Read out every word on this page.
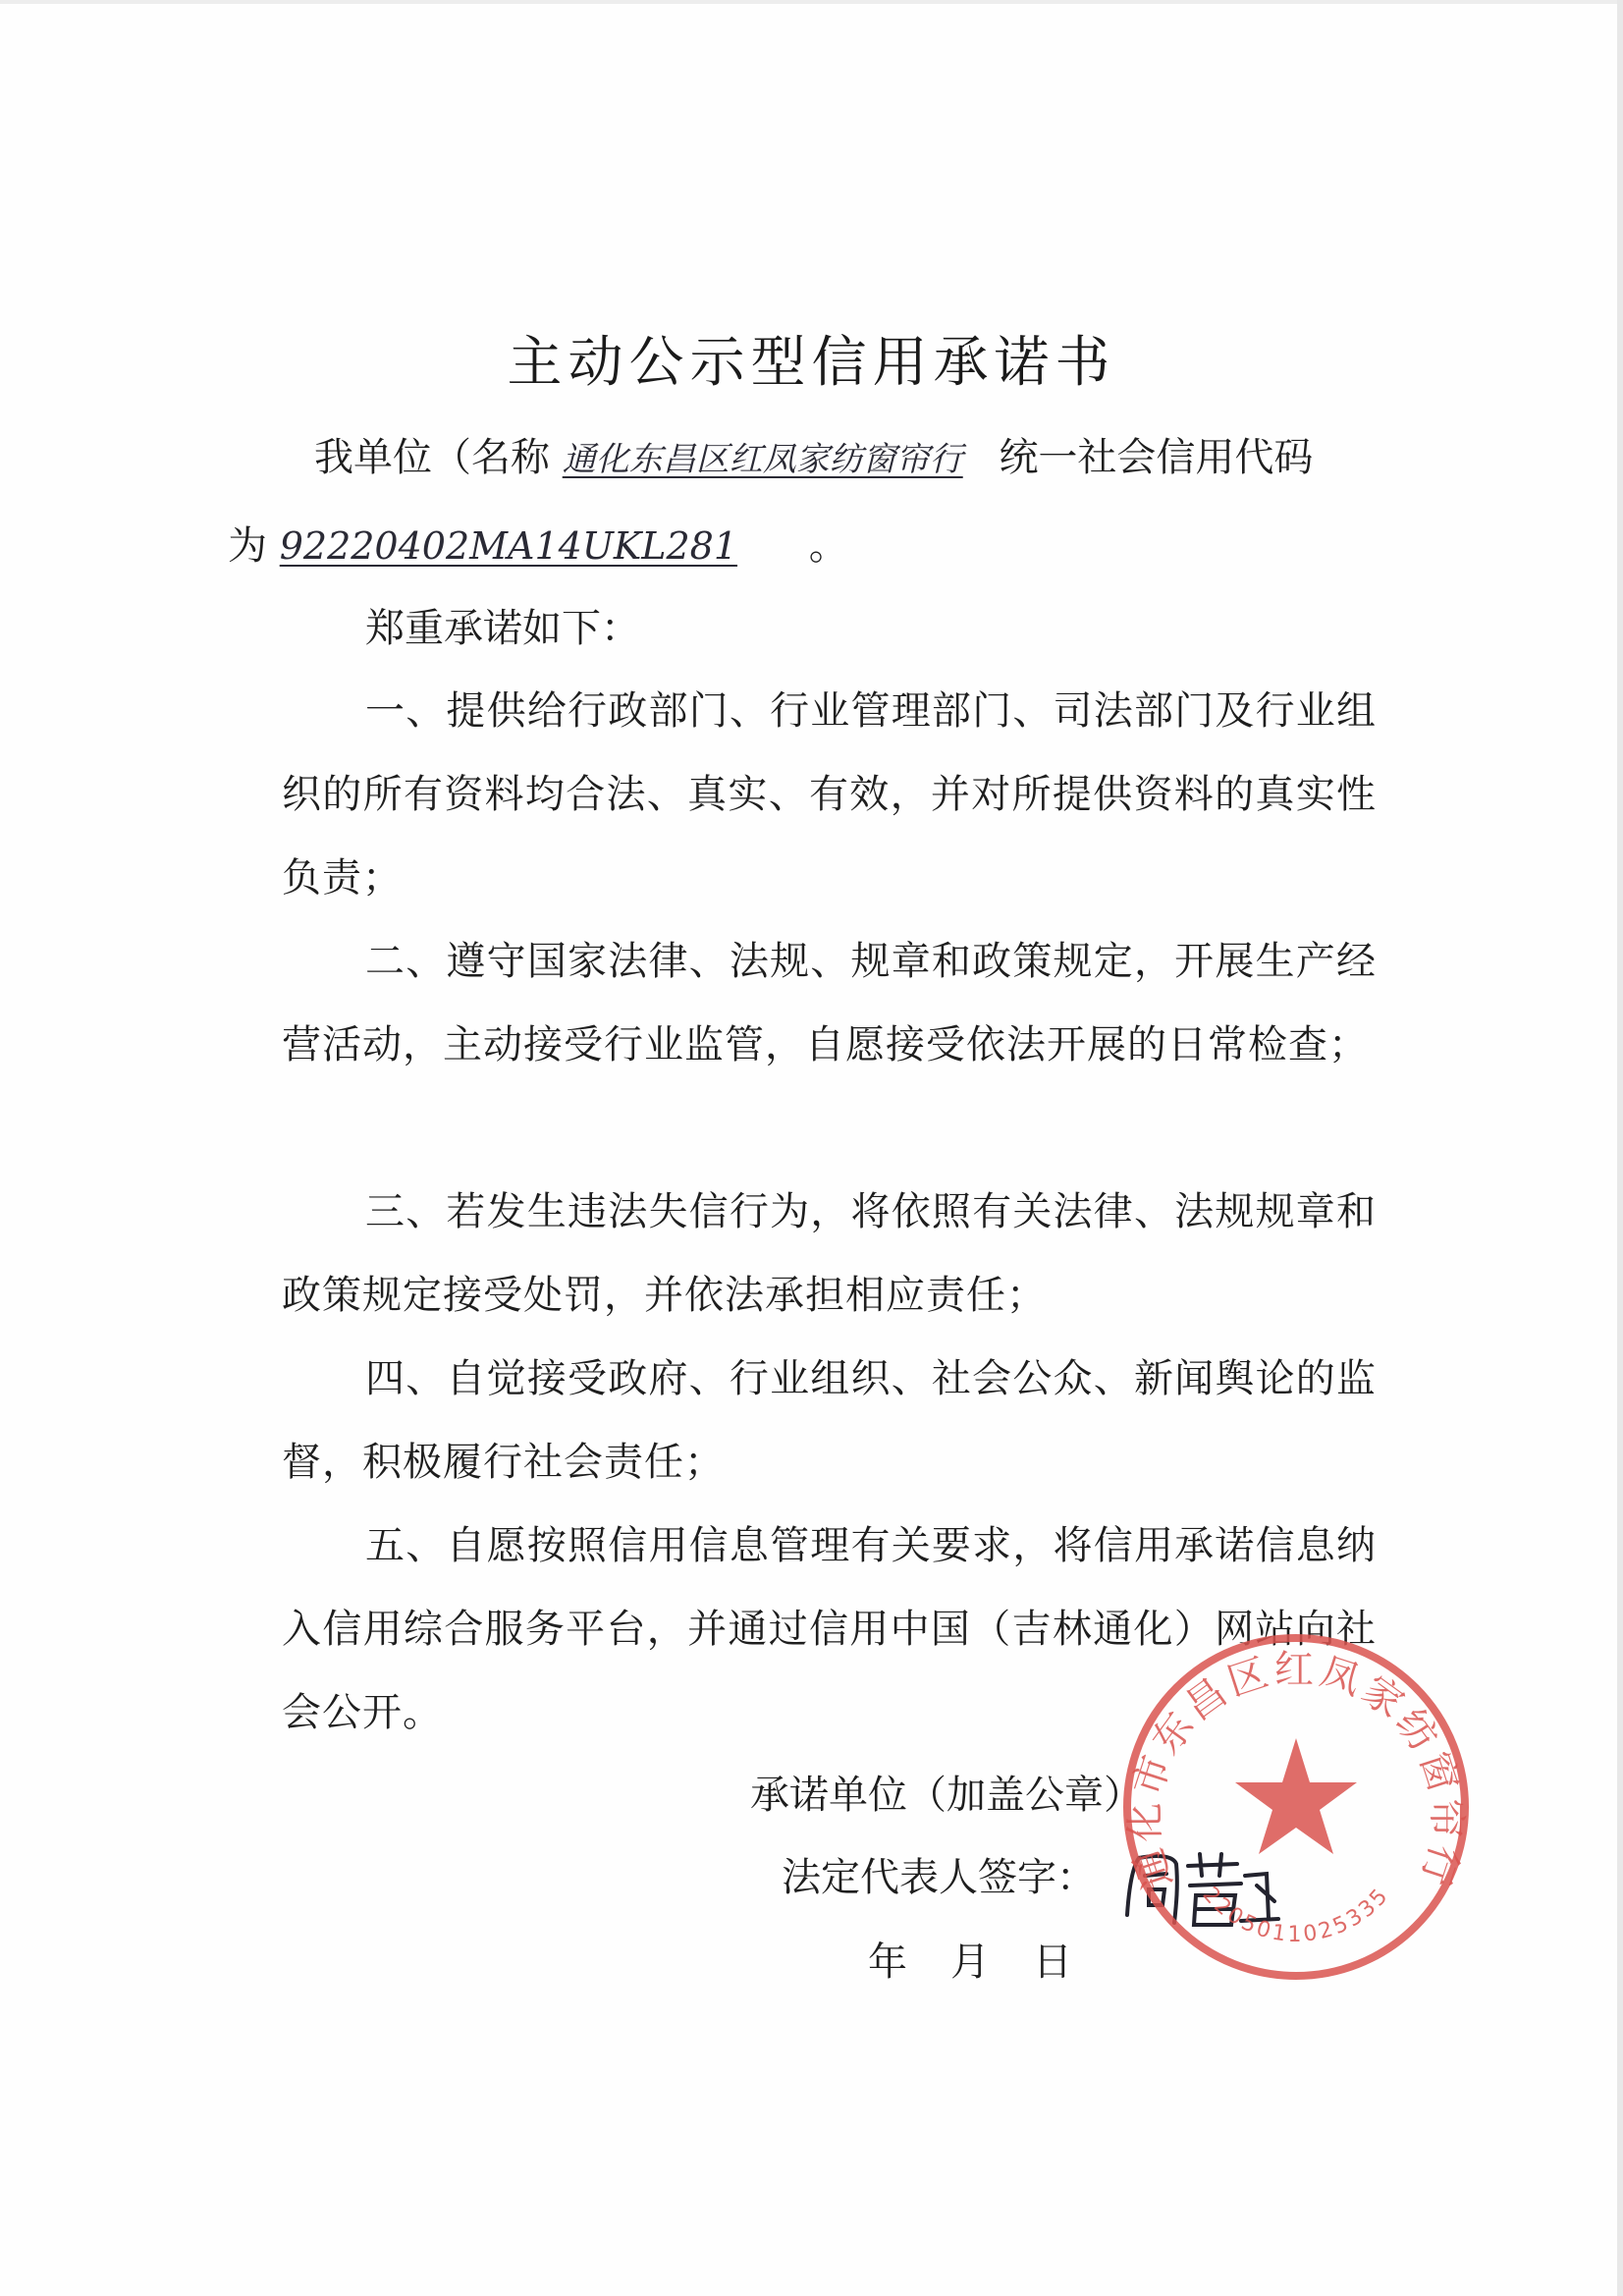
主动公示型信用承诺书
我单位（名称 通化东昌区红凤家纺窗帘行 统一社会信用代码
为 92220402MA14UKL281 。
郑重承诺如下：
一、提供给行政部门、行业管理部门、司法部门及行业组织的所有资料均合法、真实、有效，并对所提供资料的真实性负责；
二、遵守国家法律、法规、规章和政策规定，开展生产经营活动，主动接受行业监管，自愿接受依法开展的日常检查；
三、若发生违法失信行为，将依照有关法律、法规规章和政策规定接受处罚，并依法承担相应责任；
四、自觉接受政府、行业组织、社会公众、新闻舆论的监督，积极履行社会责任；
五、自愿按照信用信息管理有关要求，将信用承诺信息纳入信用综合服务平台，并通过信用中国（吉林通化）网站向社会公开。
承诺单位（加盖公章）
法定代表人签字：
年　月　日
通化市东昌区红凤家纺窗帘行
2205011025335
